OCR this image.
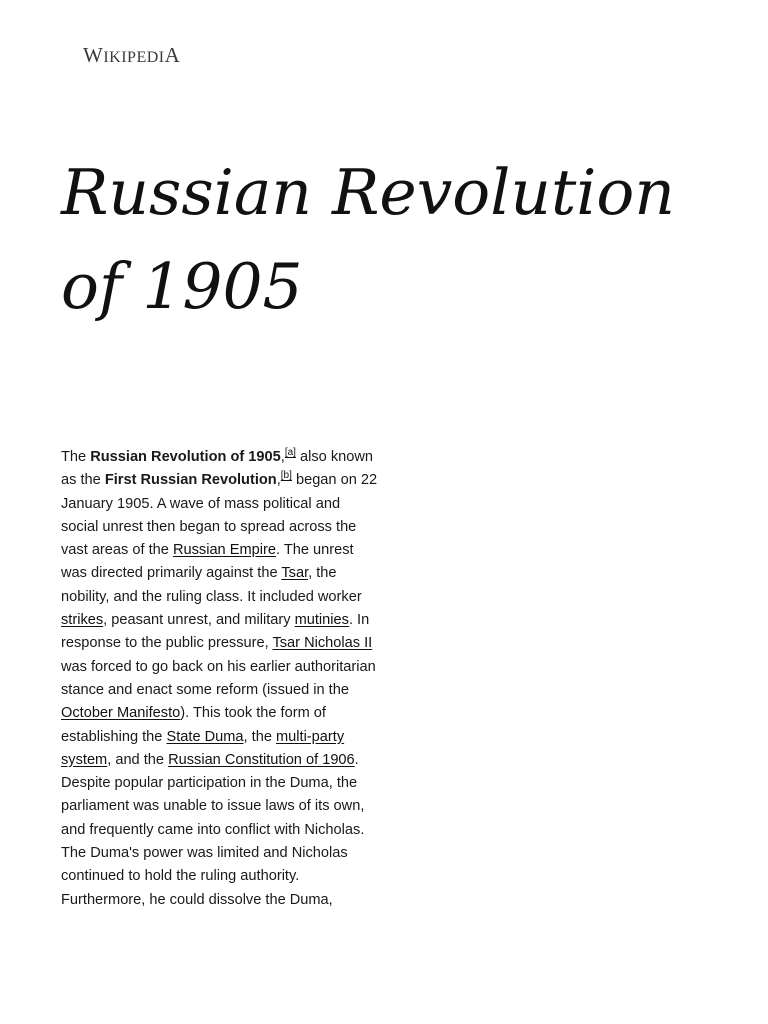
WIKIPEDIA
Russian Revolution
of 1905

The Russian Revolution of 1905,[a] also known as the First Russian Revolution,[b] began on 22 January 1905. A wave of mass political and social unrest then began to spread across the vast areas of the Russian Empire. The unrest was directed primarily against the Tsar, the nobility, and the ruling class. It included worker strikes, peasant unrest, and military mutinies. In response to the public pressure, Tsar Nicholas II was forced to go back on his earlier authoritarian stance and enact some reform (issued in the October Manifesto). This took the form of establishing the State Duma, the multi-party system, and the Russian Constitution of 1906. Despite popular participation in the Duma, the parliament was unable to issue laws of its own, and frequently came into conflict with Nicholas. The Duma's power was limited and Nicholas continued to hold the ruling authority. Furthermore, he could dissolve the Duma,
